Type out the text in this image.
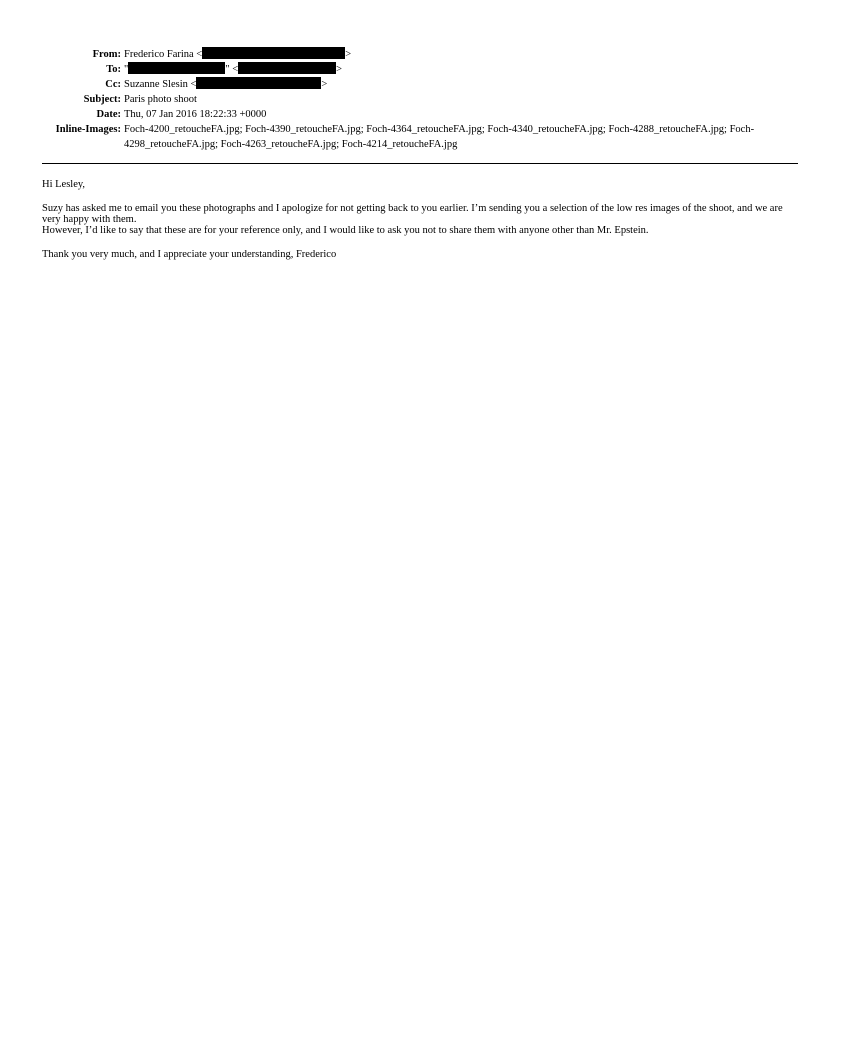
From:	Frederico Farina < >
To:	" " < >
Cc:	Suzanne Slesin < >
Subject:	Paris photo shoot
Date:	Thu, 07 Jan 2016 18:22:33 +0000
Inline-Images:	Foch-4200_retoucheFA.jpg; Foch-4390_retoucheFA.jpg; Foch-4364_retoucheFA.jpg; Foch-4340_retoucheFA.jpg; Foch-4288_retoucheFA.jpg; Foch-4298_retoucheFA.jpg; Foch-4263_retoucheFA.jpg; Foch-4214_retoucheFA.jpg

Hi Lesley,

Suzy has asked me to email you these photographs and I apologize for not getting back to you earlier. I’m sending you a selection of the low res images of the shoot, and we are very happy with them.

However, I’d like to say that these are for your reference only, and I would like to ask you not to share them with anyone other than Mr. Epstein.

Thank you very much, and I appreciate your understanding, Frederico
